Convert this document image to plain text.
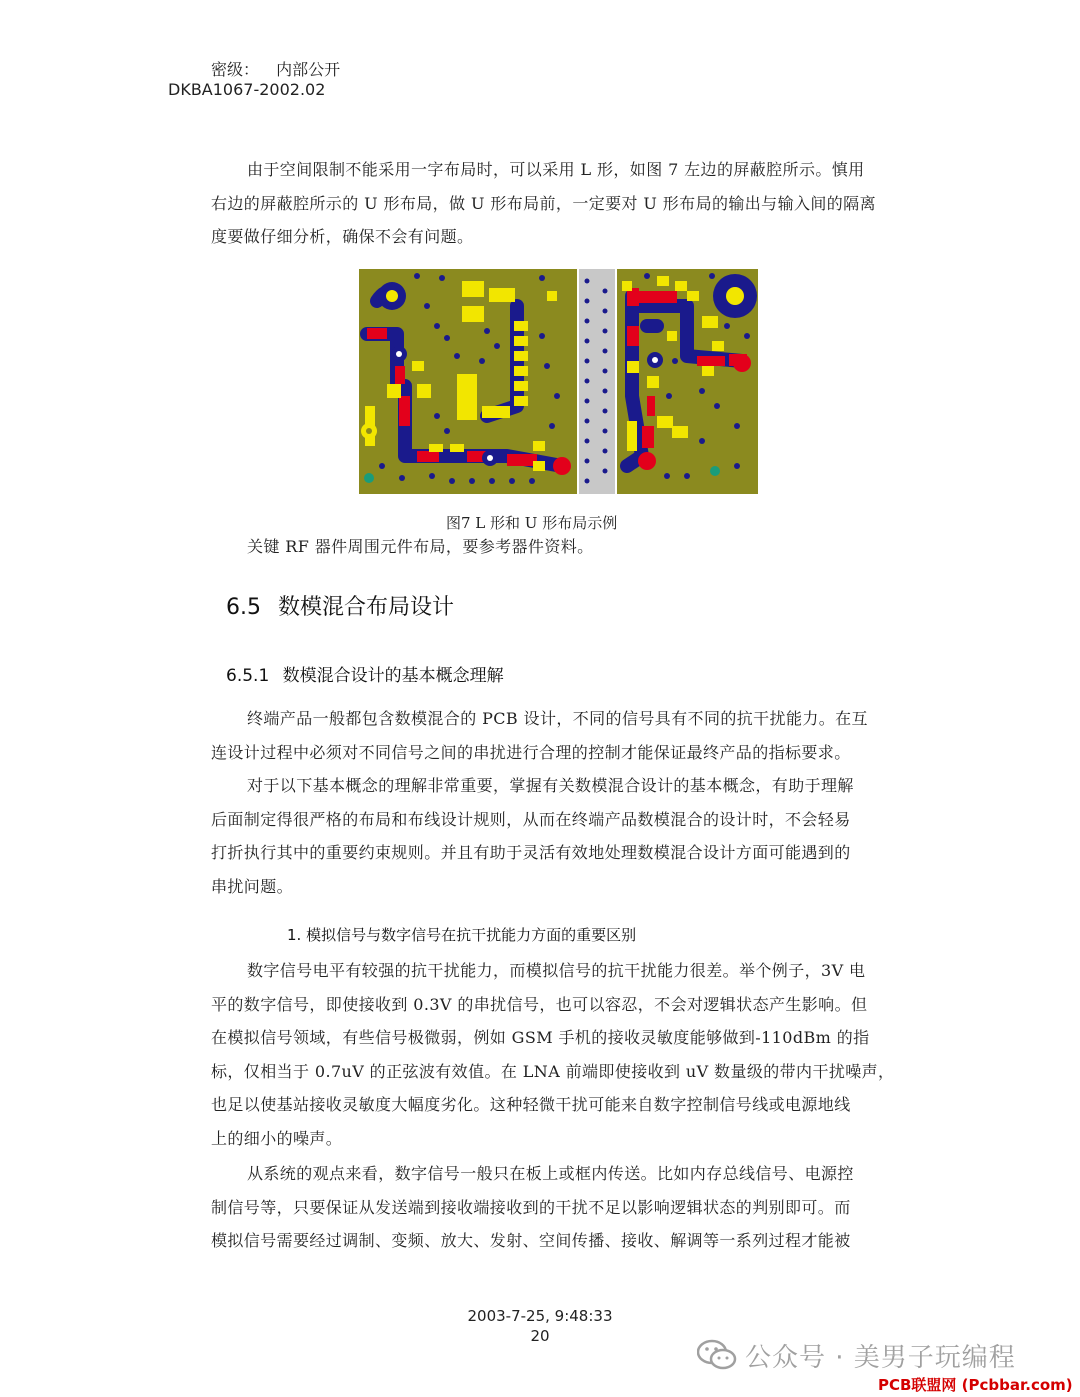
密级： 内部公开
DKBA1067-2002.02
由于空间限制不能采用一字布局时，可以采用 L 形，如图 7 左边的屏蔽腔所示。慎用
右边的屏蔽腔所示的 U 形布局，做 U 形布局前，一定要对 U 形布局的输出与输入间的隔离
度要做仔细分析，确保不会有问题。
图7 L 形和 U 形布局示例
关键 RF 器件周围元件布局，要参考器件资料。
6.5 数模混合布局设计
6.5.1 数模混合设计的基本概念理解
终端产品一般都包含数模混合的 PCB 设计，不同的信号具有不同的抗干扰能力。在互
连设计过程中必须对不同信号之间的串扰进行合理的控制才能保证最终产品的指标要求。
对于以下基本概念的理解非常重要，掌握有关数模混合设计的基本概念，有助于理解
后面制定得很严格的布局和布线设计规则，从而在终端产品数模混合的设计时，不会轻易
打折执行其中的重要约束规则。并且有助于灵活有效地处理数模混合设计方面可能遇到的
串扰问题。
1. 模拟信号与数字信号在抗干扰能力方面的重要区别
数字信号电平有较强的抗干扰能力，而模拟信号的抗干扰能力很差。举个例子，3V 电
平的数字信号，即使接收到 0.3V 的串扰信号，也可以容忍，不会对逻辑状态产生影响。但
在模拟信号领域，有些信号极微弱，例如 GSM 手机的接收灵敏度能够做到-110dBm 的指
标，仅相当于 0.7uV 的正弦波有效值。在 LNA 前端即使接收到 uV 数量级的带内干扰噪声，
也足以使基站接收灵敏度大幅度劣化。这种轻微干扰可能来自数字控制信号线或电源地线
上的细小的噪声。
从系统的观点来看，数字信号一般只在板上或框内传送。比如内存总线信号、电源控
制信号等，只要保证从发送端到接收端接收到的干扰不足以影响逻辑状态的判别即可。而
模拟信号需要经过调制、变频、放大、发射、空间传播、接收、解调等一系列过程才能被
2003-7-25, 9:48:33
20
公众号 · 美男子玩编程
PCB联盟网 (Pcbbar.com)
